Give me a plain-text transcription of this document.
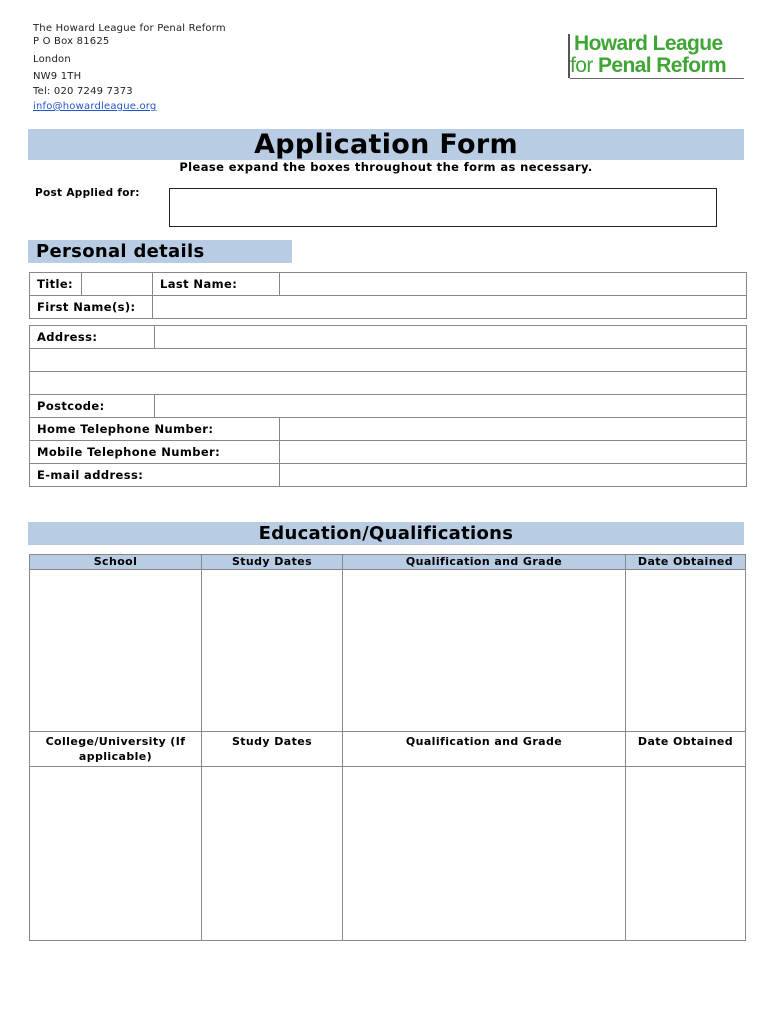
The Howard League for Penal Reform
P O Box 81625
London
NW9 1TH
Tel: 020 7249 7373
info@howardleague.org
Howard League
for Penal Reform
Application Form
Please expand the boxes throughout the form as necessary.
Post Applied for:
Personal details
Title:		Last Name:	
First Name(s):			
Address:		

Postcode:		
Home Telephone Number:		
Mobile Telephone Number:		
E-mail address:		
Education/Qualifications
School	Study Dates	Qualification and Grade	Date Obtained

College/University (If applicable)	Study Dates	Qualification and Grade	Date Obtained
